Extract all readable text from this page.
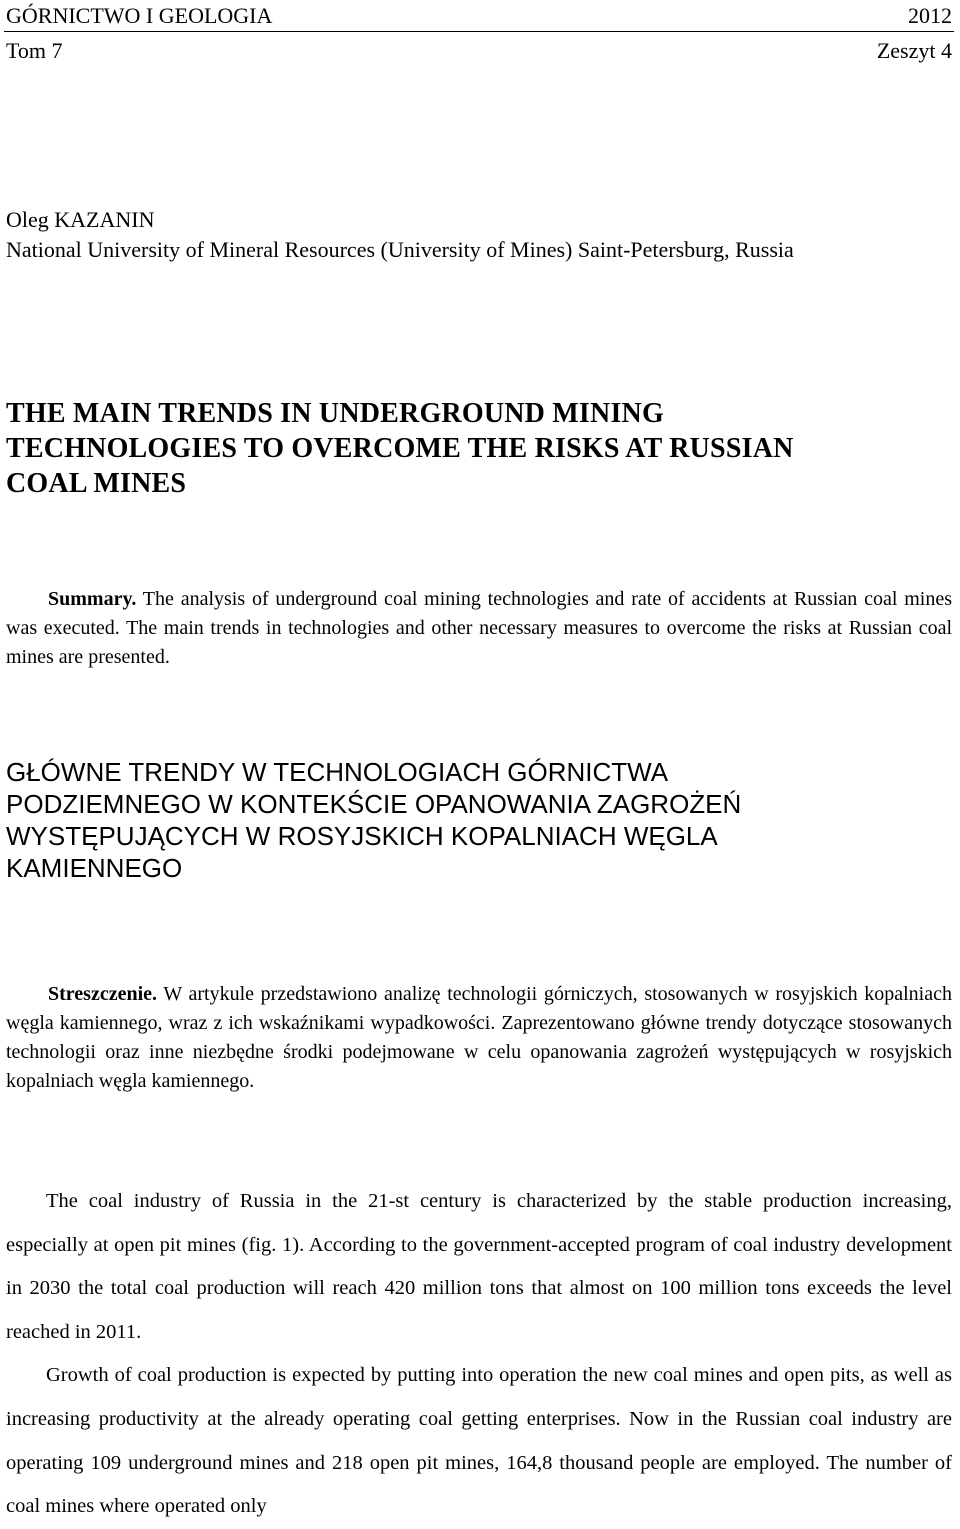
GÓRNICTWO I GEOLOGIA	2012
Tom 7	Zeszyt 4
Oleg KAZANIN
National University of Mineral Resources (University of Mines) Saint-Petersburg, Russia
THE MAIN TRENDS IN UNDERGROUND MINING
TECHNOLOGIES TO OVERCOME THE RISKS AT RUSSIAN
COAL MINES
Summary. The analysis of underground coal mining technologies and rate of accidents at Russian coal mines was executed. The main trends in technologies and other necessary measures to overcome the risks at Russian coal mines are presented.
GŁÓWNE TRENDY W TECHNOLOGIACH GÓRNICTWA
PODZIEMNEGO W KONTEKŚCIE OPANOWANIA ZAGROŻEŃ
WYSTĘPUJĄCYCH W ROSYJSKICH KOPALNIACH WĘGLA
KAMIENNEGO
Streszczenie. W artykule przedstawiono analizę technologii górniczych, stosowanych w rosyjskich kopalniach węgla kamiennego, wraz z ich wskaźnikami wypadkowości. Zaprezentowano główne trendy dotyczące stosowanych technologii oraz inne niezbędne środki podejmowane w celu opanowania zagrożeń występujących w rosyjskich kopalniach węgla kamiennego.

The coal industry of Russia in the 21-st century is characterized by the stable production increasing, especially at open pit mines (fig. 1). According to the government-accepted program of coal industry development in 2030 the total coal production will reach 420 million tons that almost on 100 million tons exceeds the level reached in 2011.

Growth of coal production is expected by putting into operation the new coal mines and open pits, as well as increasing productivity at the already operating coal getting enterprises. Now in the Russian coal industry are operating 109 underground mines and 218 open pit mines, 164,8 thousand people are employed. The number of coal mines where operated only
